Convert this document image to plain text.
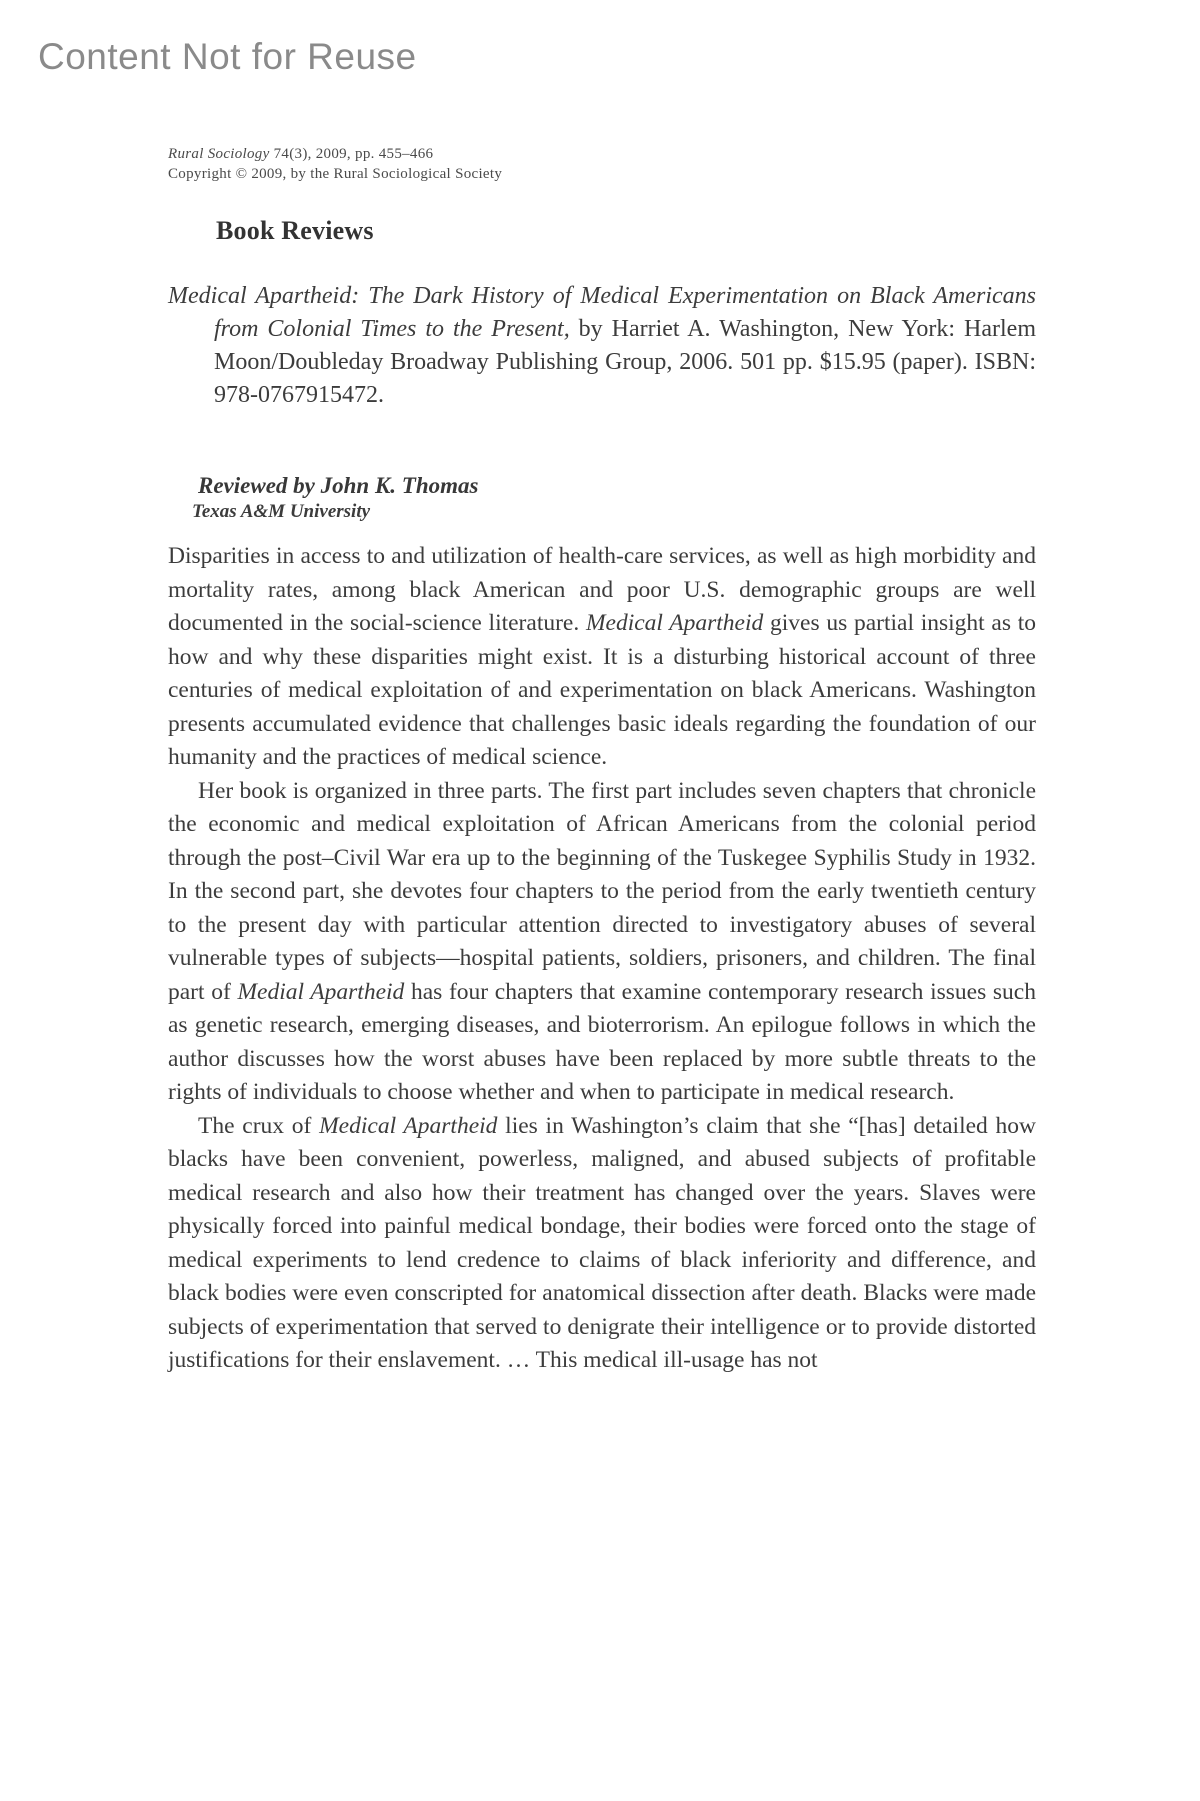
Content Not for Reuse
Rural Sociology 74(3), 2009, pp. 455–466
Copyright © 2009, by the Rural Sociological Society
Book Reviews

Medical Apartheid: The Dark History of Medical Experimentation on Black Americans from Colonial Times to the Present, by Harriet A. Washington, New York: Harlem Moon/Doubleday Broadway Publishing Group, 2006. 501 pp. $15.95 (paper). ISBN: 978-0767915472.

Reviewed by John K. Thomas
Texas A&M University

Disparities in access to and utilization of health-care services, as well as high morbidity and mortality rates, among black American and poor U.S. demographic groups are well documented in the social-science literature. Medical Apartheid gives us partial insight as to how and why these disparities might exist. It is a disturbing historical account of three centuries of medical exploitation of and experimentation on black Americans. Washington presents accumulated evidence that challenges basic ideals regarding the foundation of our humanity and the practices of medical science.

Her book is organized in three parts. The first part includes seven chapters that chronicle the economic and medical exploitation of African Americans from the colonial period through the post–Civil War era up to the beginning of the Tuskegee Syphilis Study in 1932. In the second part, she devotes four chapters to the period from the early twentieth century to the present day with particular attention directed to investigatory abuses of several vulnerable types of subjects—hospital patients, soldiers, prisoners, and children. The final part of Medial Apartheid has four chapters that examine contemporary research issues such as genetic research, emerging diseases, and bioterrorism. An epilogue follows in which the author discusses how the worst abuses have been replaced by more subtle threats to the rights of individuals to choose whether and when to participate in medical research.

The crux of Medical Apartheid lies in Washington’s claim that she “[has] detailed how blacks have been convenient, powerless, maligned, and abused subjects of profitable medical research and also how their treatment has changed over the years. Slaves were physically forced into painful medical bondage, their bodies were forced onto the stage of medical experiments to lend credence to claims of black inferiority and difference, and black bodies were even conscripted for anatomical dissection after death. Blacks were made subjects of experimentation that served to denigrate their intelligence or to provide distorted justifications for their enslavement. … This medical ill-usage has not
